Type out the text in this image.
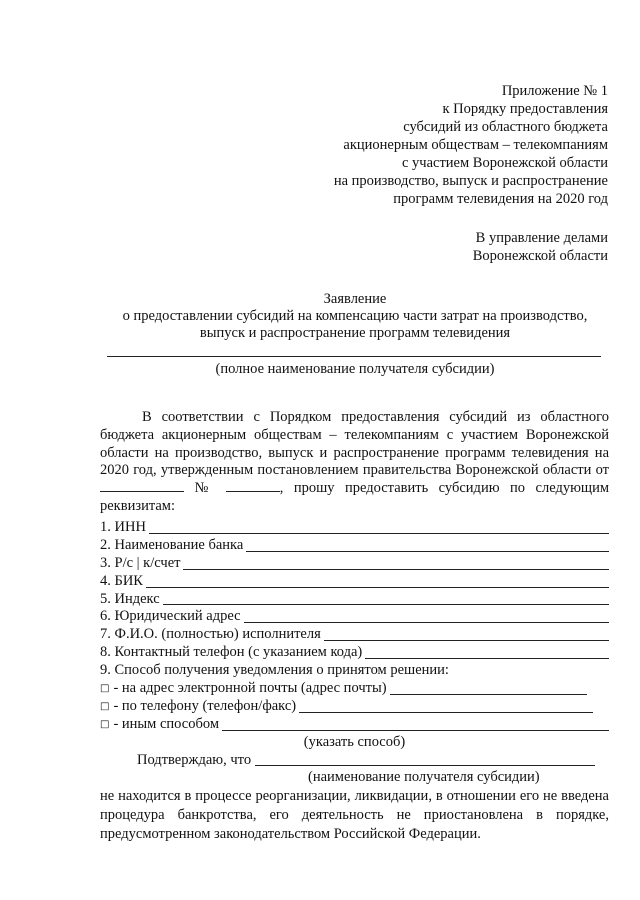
Приложение № 1
к Порядку предоставления
субсидий из областного бюджета
акционерным обществам – телекомпаниям
с участием Воронежской области
на производство, выпуск и распространение
программ телевидения на 2020 год
В управление делами
Воронежской области
Заявление
о предоставлении субсидий на компенсацию части затрат на производство,
выпуск и распространение программ телевидения
(полное наименование получателя субсидии)

В соответствии с Порядком предоставления субсидий из областного бюджета акционерным обществам – телекомпаниям с участием Воронежской области на производство, выпуск и распространение программ телевидения на 2020 год, утвержденным постановлением правительства Воронежской области от  №	, прошу предоставить субсидию по следующим реквизитам:

1. ИНН
2. Наименование банка
3. Р/с | к/счет
4. БИК
5. Индекс
6. Юридический адрес
7. Ф.И.О. (полностью) исполнителя
8. Контактный телефон (с указанием кода)
9. Способ получения уведомления о принятом решении:
□ - на адрес электронной почты (адрес почты)
□ - по телефону (телефон/факс)
□ - иным способом
(указать способ)
Подтверждаю, что
(наименование получателя субсидии)

не находится в процессе реорганизации, ликвидации, в отношении его не введена процедура банкротства, его деятельность не приостановлена в порядке, предусмотренном законодательством Российской Федерации.
